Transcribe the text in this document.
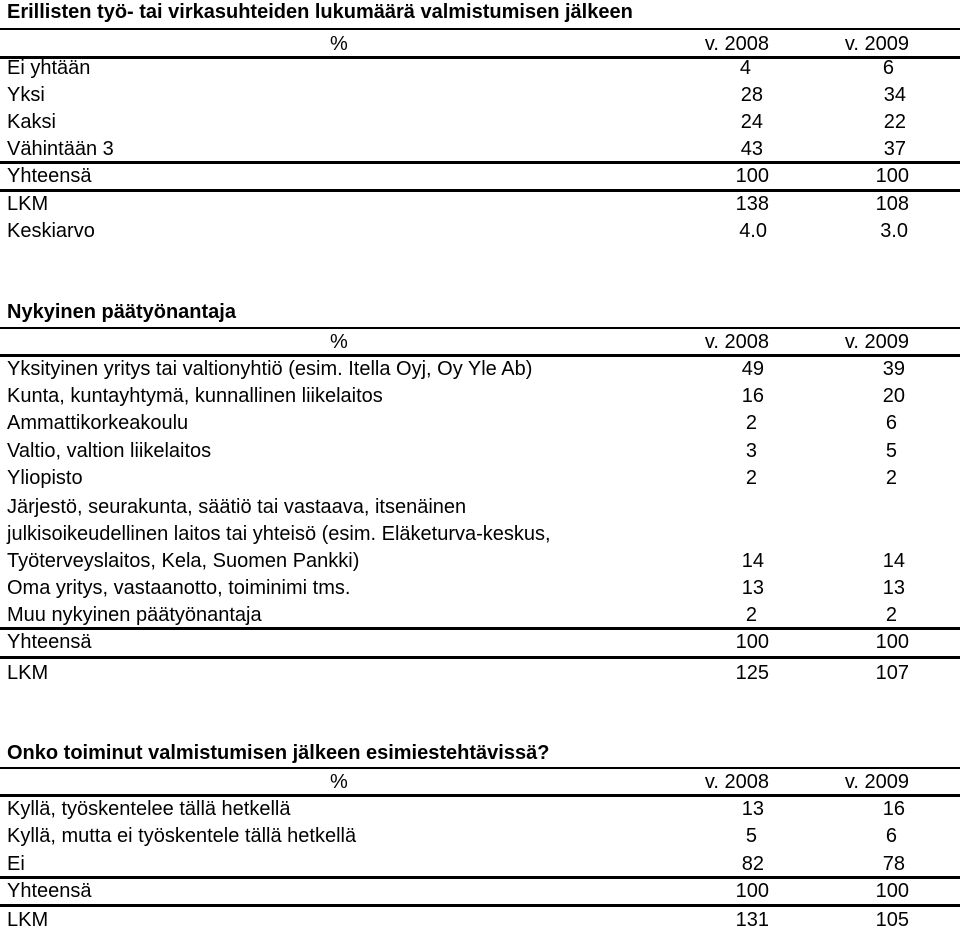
Erillisten työ- tai virkasuhteiden lukumäärä valmistumisen jälkeen
%	v. 2008	v. 2009
Ei yhtään	4	6
Yksi	28	34
Kaksi	24	22
Vähintään 3	43	37
Yhteensä	100	100
LKM	138	108
Keskiarvo	4.0	3.0
Nykyinen päätyönantaja
%	v. 2008	v. 2009
Yksityinen yritys tai valtionyhtiö (esim. Itella Oyj, Oy Yle Ab)	49	39
Kunta, kuntayhtymä, kunnallinen liikelaitos	16	20
Ammattikorkeakoulu	2	6
Valtio, valtion liikelaitos	3	5
Yliopisto	2	2
Järjestö, seurakunta, säätiö tai vastaava, itsenäinen
julkisoikeudellinen laitos tai yhteisö (esim. Eläketurva-keskus,
Työterveyslaitos, Kela, Suomen Pankki)	14	14
Oma yritys, vastaanotto, toiminimi tms.	13	13
Muu nykyinen päätyönantaja	2	2
Yhteensä	100	100
LKM	125	107
Onko toiminut valmistumisen jälkeen esimiestehtävissä?
%	v. 2008	v. 2009
Kyllä, työskentelee tällä hetkellä	13	16
Kyllä, mutta ei työskentele tällä hetkellä	5	6
Ei	82	78
Yhteensä	100	100
LKM	131	105
